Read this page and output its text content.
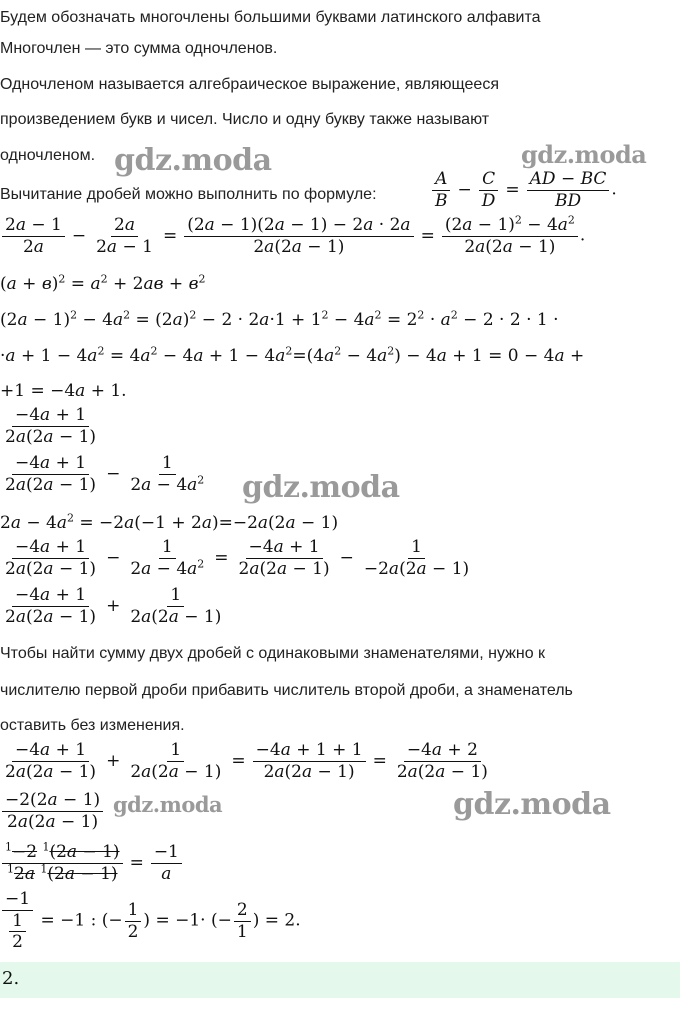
Будем обозначать многочлены большими буквами латинского алфавита
Многочлен — это сумма одночленов.
Одночленом называется алгебраическое выражение, являющееся
произведением букв и чисел. Число и одну букву также называют
одночленом.
Вычитание дробей можно выполнить по формуле:	$\frac{A}{B} - \frac{C}{D} = \frac{AD - BC}{BD}$ .
$\frac{2a - 1}{2a} - \frac{2a}{2a - 1} = \frac{(2a - 1)(2a - 1) - 2a \cdot 2a}{2a(2a - 1)} = \frac{(2a - 1)^2 - 4a^2}{2a(2a - 1)}$ .
$(a + в)^2 = a^2 + 2aв + в^2$
$(2a - 1)^2 - 4a^2 = (2a)^2 - 2 \cdot 2a\cdot 1 + 1^2 - 4a^2 = 2^2 \cdot a^2 - 2 \cdot 2 \cdot 1$ ·
$\cdot a + 1 - 4a^2 = 4a^2 - 4a + 1 - 4a^2=(4a^2 - 4a^2) - 4a + 1 = 0 - 4a$ +
+1 = −4a + 1.
$\frac{-4a + 1}{2a(2a - 1)}$
$\frac{-4a + 1}{2a(2a - 1)} - \frac{1}{2a - 4a^2}$
$2a - 4a^2 = -2a(-1 + 2a)=-2a(2a - 1)$
$\frac{-4a + 1}{2a(2a - 1)} - \frac{1}{2a - 4a^2} = \frac{-4a + 1}{2a(2a - 1)} - \frac{1}{-2a(2a - 1)}$
$\frac{-4a + 1}{2a(2a - 1)} + \frac{1}{2a(2a - 1)}$
Чтобы найти сумму двух дробей с одинаковыми знаменателями, нужно к
числителю первой дроби прибавить числитель второй дроби, а знаменатель
оставить без изменения.
$\frac{-4a + 1}{2a(2a - 1)} + \frac{1}{2a(2a - 1)} = \frac{-4a + 1 + 1}{2a(2a - 1)} = \frac{-4a + 2}{2a(2a - 1)}$
$\frac{-2(2a - 1)}{2a(2a - 1)}$
$\frac{^1-2 ^1(2a - 1)}{^12a ^1(2a - 1)} = \frac{-1}{a}$
$\frac{-1}{\frac{1}{2}} = -1$ : (− $\frac{1}{2}$ ) = −1· (− $\frac{2}{1}$ ) = 2.
2.
gdz.moda	gdz.moda
gdz.moda
gdz.moda	gdz.moda
